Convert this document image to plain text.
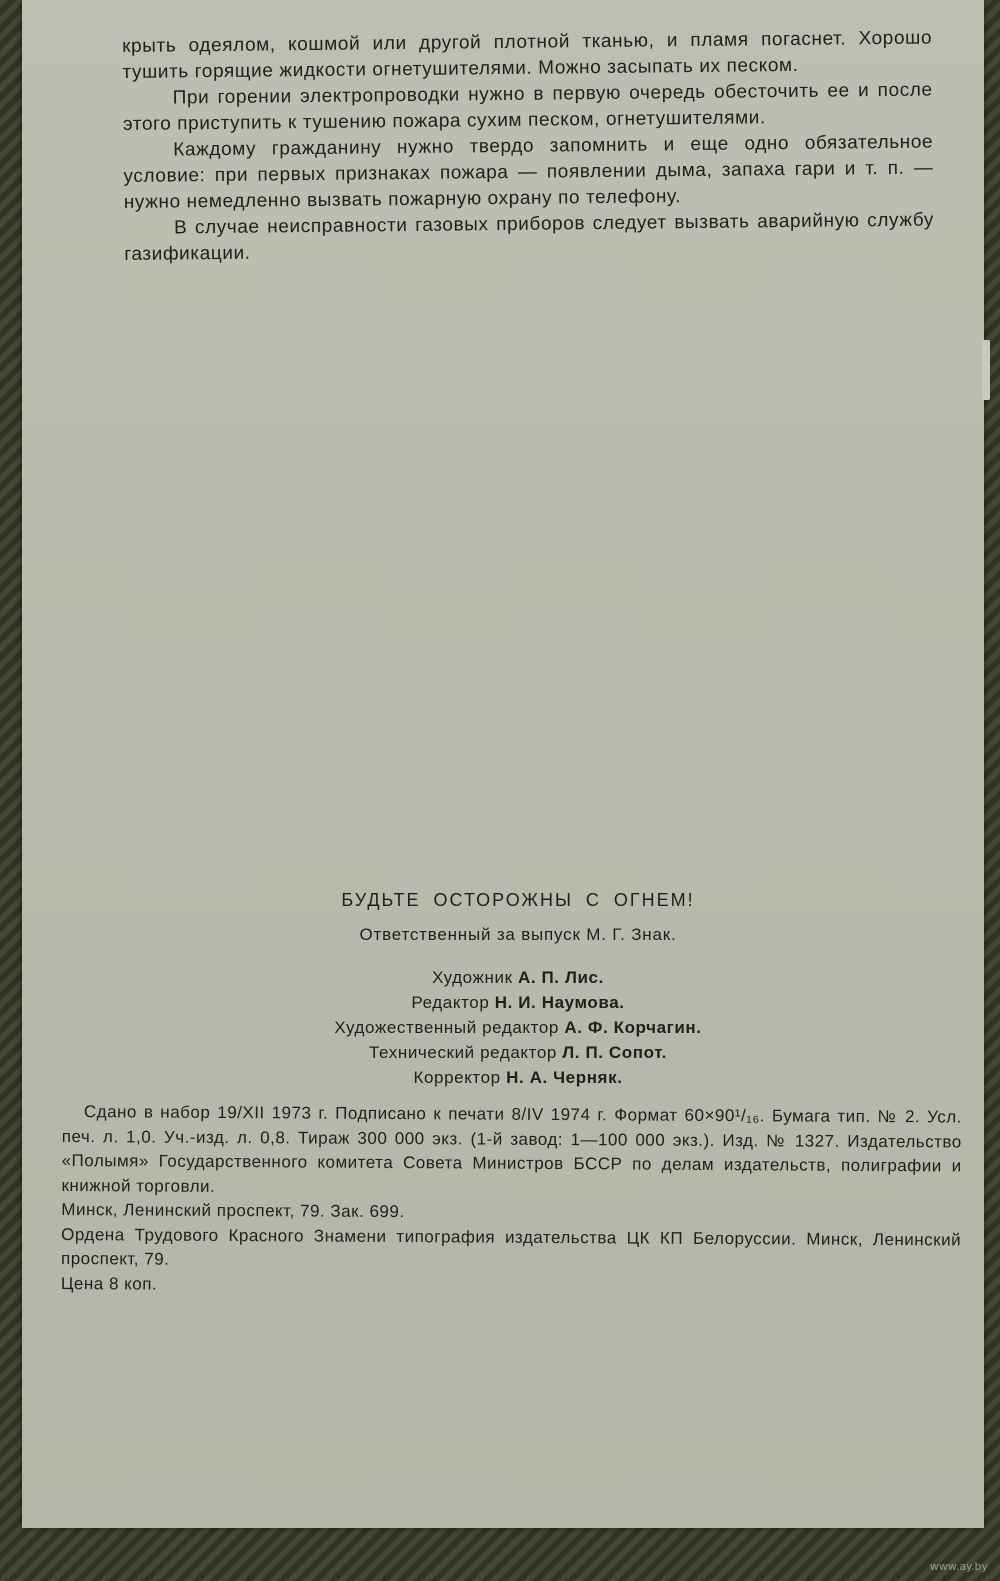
крыть одеялом, кошмой или другой плотной тканью, и пламя погаснет. Хорошо тушить горящие жидкости огнетушителями. Можно засыпать их песком.

При горении электропроводки нужно в первую очередь обесточить ее и после этого приступить к тушению пожара сухим песком, огнетушителями.

Каждому гражданину нужно твердо запомнить и еще одно обязательное условие: при первых признаках пожара — появлении дыма, запаха гари и т. п. — нужно немедленно вызвать пожарную охрану по телефону.

В случае неисправности газовых приборов следует вызвать аварийную службу газификации.

БУДЬТЕ ОСТОРОЖНЫ С ОГНЕМ!
Ответственный за выпуск М. Г. Знак.
Художник А. П. Лис.
Редактор Н. И. Наумова.
Художественный редактор А. Ф. Корчагин.
Технический редактор Л. П. Сопот.
Корректор Н. А. Черняк.

Сдано в набор 19/XII 1973 г. Подписано к печати 8/IV 1974 г. Формат 60×90¹/₁₆. Бумага тип. № 2. Усл. печ. л. 1,0. Уч.-изд. л. 0,8. Тираж 300 000 экз. (1-й завод: 1—100 000 экз.). Изд. № 1327. Издательство «Полымя» Государственного комитета Совета Министров БССР по делам издательств, полиграфии и книжной торговли.

Минск, Ленинский проспект, 79. Зак. 699.

Ордена Трудового Красного Знамени типография издательства ЦК КП Белоруссии. Минск, Ленинский проспект, 79.

Цена 8 коп.

www.ay.by
